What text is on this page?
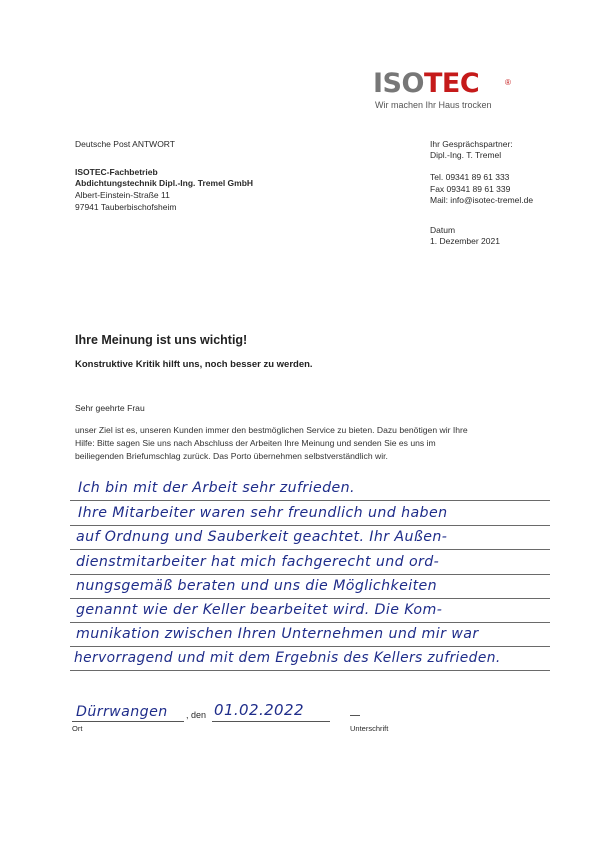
ISOTEC	®
Wir machen Ihr Haus trocken
Deutsche Post ANTWORT
ISOTEC-Fachbetrieb
Abdichtungstechnik Dipl.-Ing. Tremel GmbH
Albert-Einstein-Straße 11
97941 Tauberbischofsheim
Ihr Gesprächspartner:
Dipl.-Ing. T. Tremel
Tel. 09341 89 61 333
Fax 09341 89 61 339
Mail: info@isotec-tremel.de
Datum
1. Dezember 2021
Ihre Meinung ist uns wichtig!
Konstruktive Kritik hilft uns, noch besser zu werden.
Sehr geehrte Frau
unser Ziel ist es, unseren Kunden immer den bestmöglichen Service zu bieten. Dazu benötigen wir Ihre
Hilfe: Bitte sagen Sie uns nach Abschluss der Arbeiten Ihre Meinung und senden Sie es uns im
beiliegenden Briefumschlag zurück. Das Porto übernehmen selbstverständlich wir.
Ich bin mit der Arbeit sehr zufrieden.
Ihre Mitarbeiter waren sehr freundlich und haben
auf Ordnung und Sauberkeit geachtet. Ihr Außen-
dienstmitarbeiter hat mich fachgerecht und ord-
nungsgemäß beraten und uns die Möglichkeiten
genannt wie der Keller bearbeitet wird. Die Kom-
munikation zwischen Ihren Unternehmen und mir war
hervorragend und mit dem Ergebnis des Kellers zufrieden.
Dürrwangen
Ort
, den 01.02.2022
Unterschrift
